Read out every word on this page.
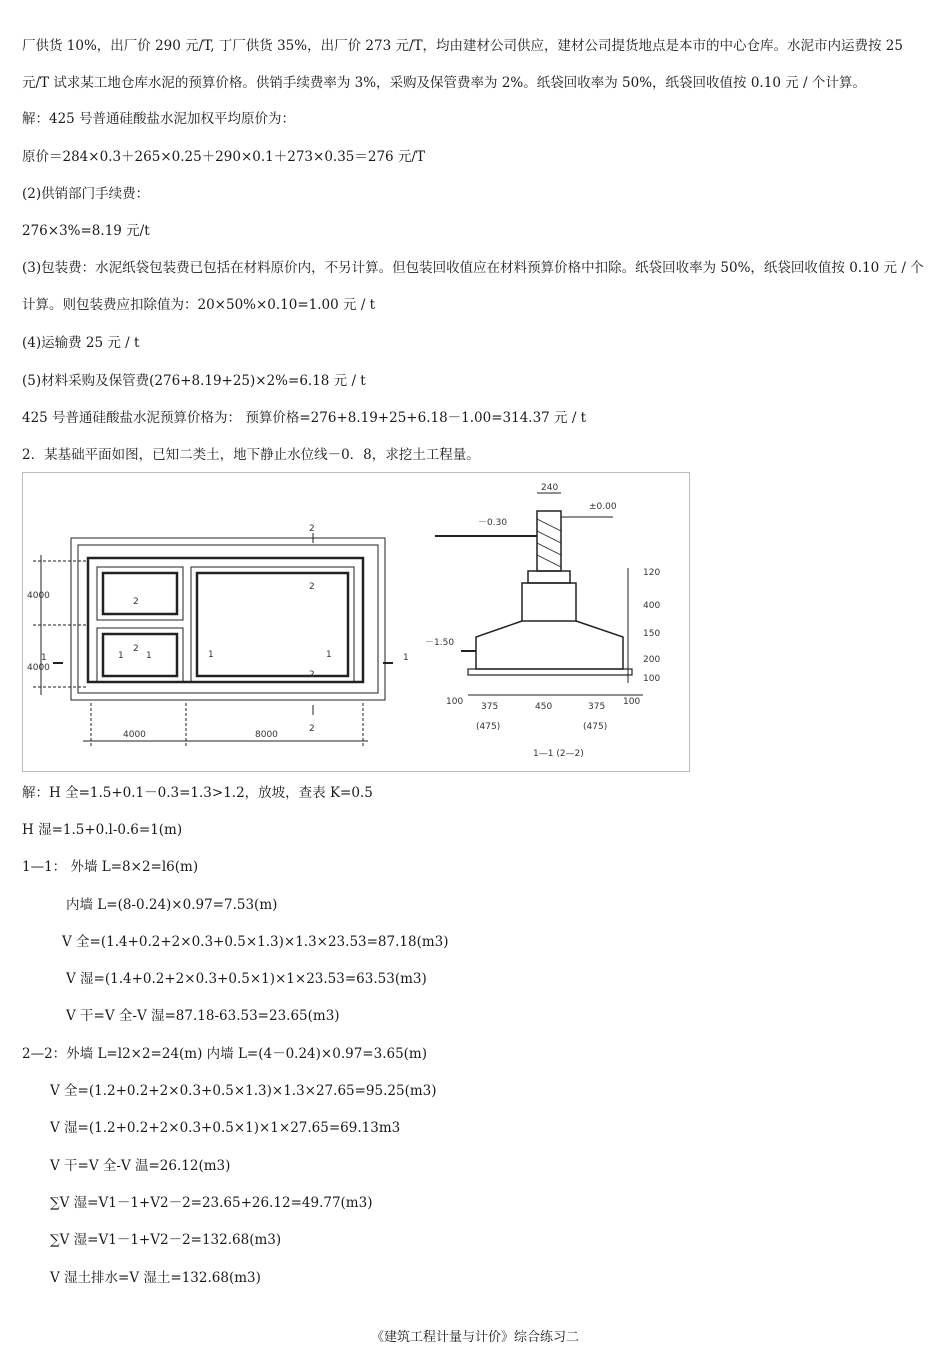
厂供货 10%，出厂价 290 元/T, 丁厂供货 35%，出厂价 273 元/T，均由建材公司供应，建材公司提货地点是本市的中心仓库。水泥市内运费按 25 元/T 试求某工地仓库水泥的预算价格。供销手续费率为 3%，采购及保管费率为 2%。纸袋回收率为 50%，纸袋回收值按 0.10 元 / 个计算。
解：425 号普通硅酸盐水泥加权平均原价为：
原价＝284×0.3＋265×0.25＋290×0.1＋273×0.35＝276 元/T
(2)供销部门手续费：
276×3%=8.19 元/t
(3)包装费：水泥纸袋包装费已包括在材料原价内，不另计算。但包装回收值应在材料预算价格中扣除。纸袋回收率为 50%，纸袋回收值按 0.10 元 / 个计算。则包装费应扣除值为：20×50%×0.10=1.00 元 / t
(4)运输费 25 元 / t
(5)材料采购及保管费(276+8.19+25)×2%=6.18 元 / t
425 号普通硅酸盐水泥预算价格为： 预算价格=276+8.19+25+6.18－1.00=314.37 元 / t
2．某基础平面如图，已知二类土，地下静止水位线－0．8，求挖土工程量。
4000
4000
4000	8000
2
2
2
2
2
2
1 1	1	1
1	1
240
±0.00
－0.30
－1.50
120
400
150
200
100
100 375
(475)
450	375
(475)
100
1—1 (2—2)
解：H 全=1.5+0.1－0.3=1.3>1.2，放坡，查表 K=0.5
H 湿=1.5+0.l-0.6=1(m)
1—1： 外墙 L=8×2=l6(m)
内墙 L=(8-0.24)×0.97=7.53(m)
V 全=(1.4+0.2+2×0.3+0.5×1.3)×1.3×23.53=87.18(m3)
V 湿=(1.4+0.2+2×0.3+0.5×1)×1×23.53=63.53(m3)
V 干=V 全-V 湿=87.18-63.53=23.65(m3)
2—2：外墙 L=l2×2=24(m) 内墙 L=(4－0.24)×0.97=3.65(m)
V 全=(1.2+0.2+2×0.3+0.5×1.3)×1.3×27.65=95.25(m3)
V 湿=(1.2+0.2+2×0.3+0.5×1)×1×27.65=69.13m3
V 干=V 全-V 温=26.12(m3)
∑V 湿=V1－1+V2－2=23.65+26.12=49.77(m3)
∑V 湿=V1－1+V2－2=132.68(m3)
V 湿土排水=V 湿土=132.68(m3)
《建筑工程计量与计价》综合练习二
